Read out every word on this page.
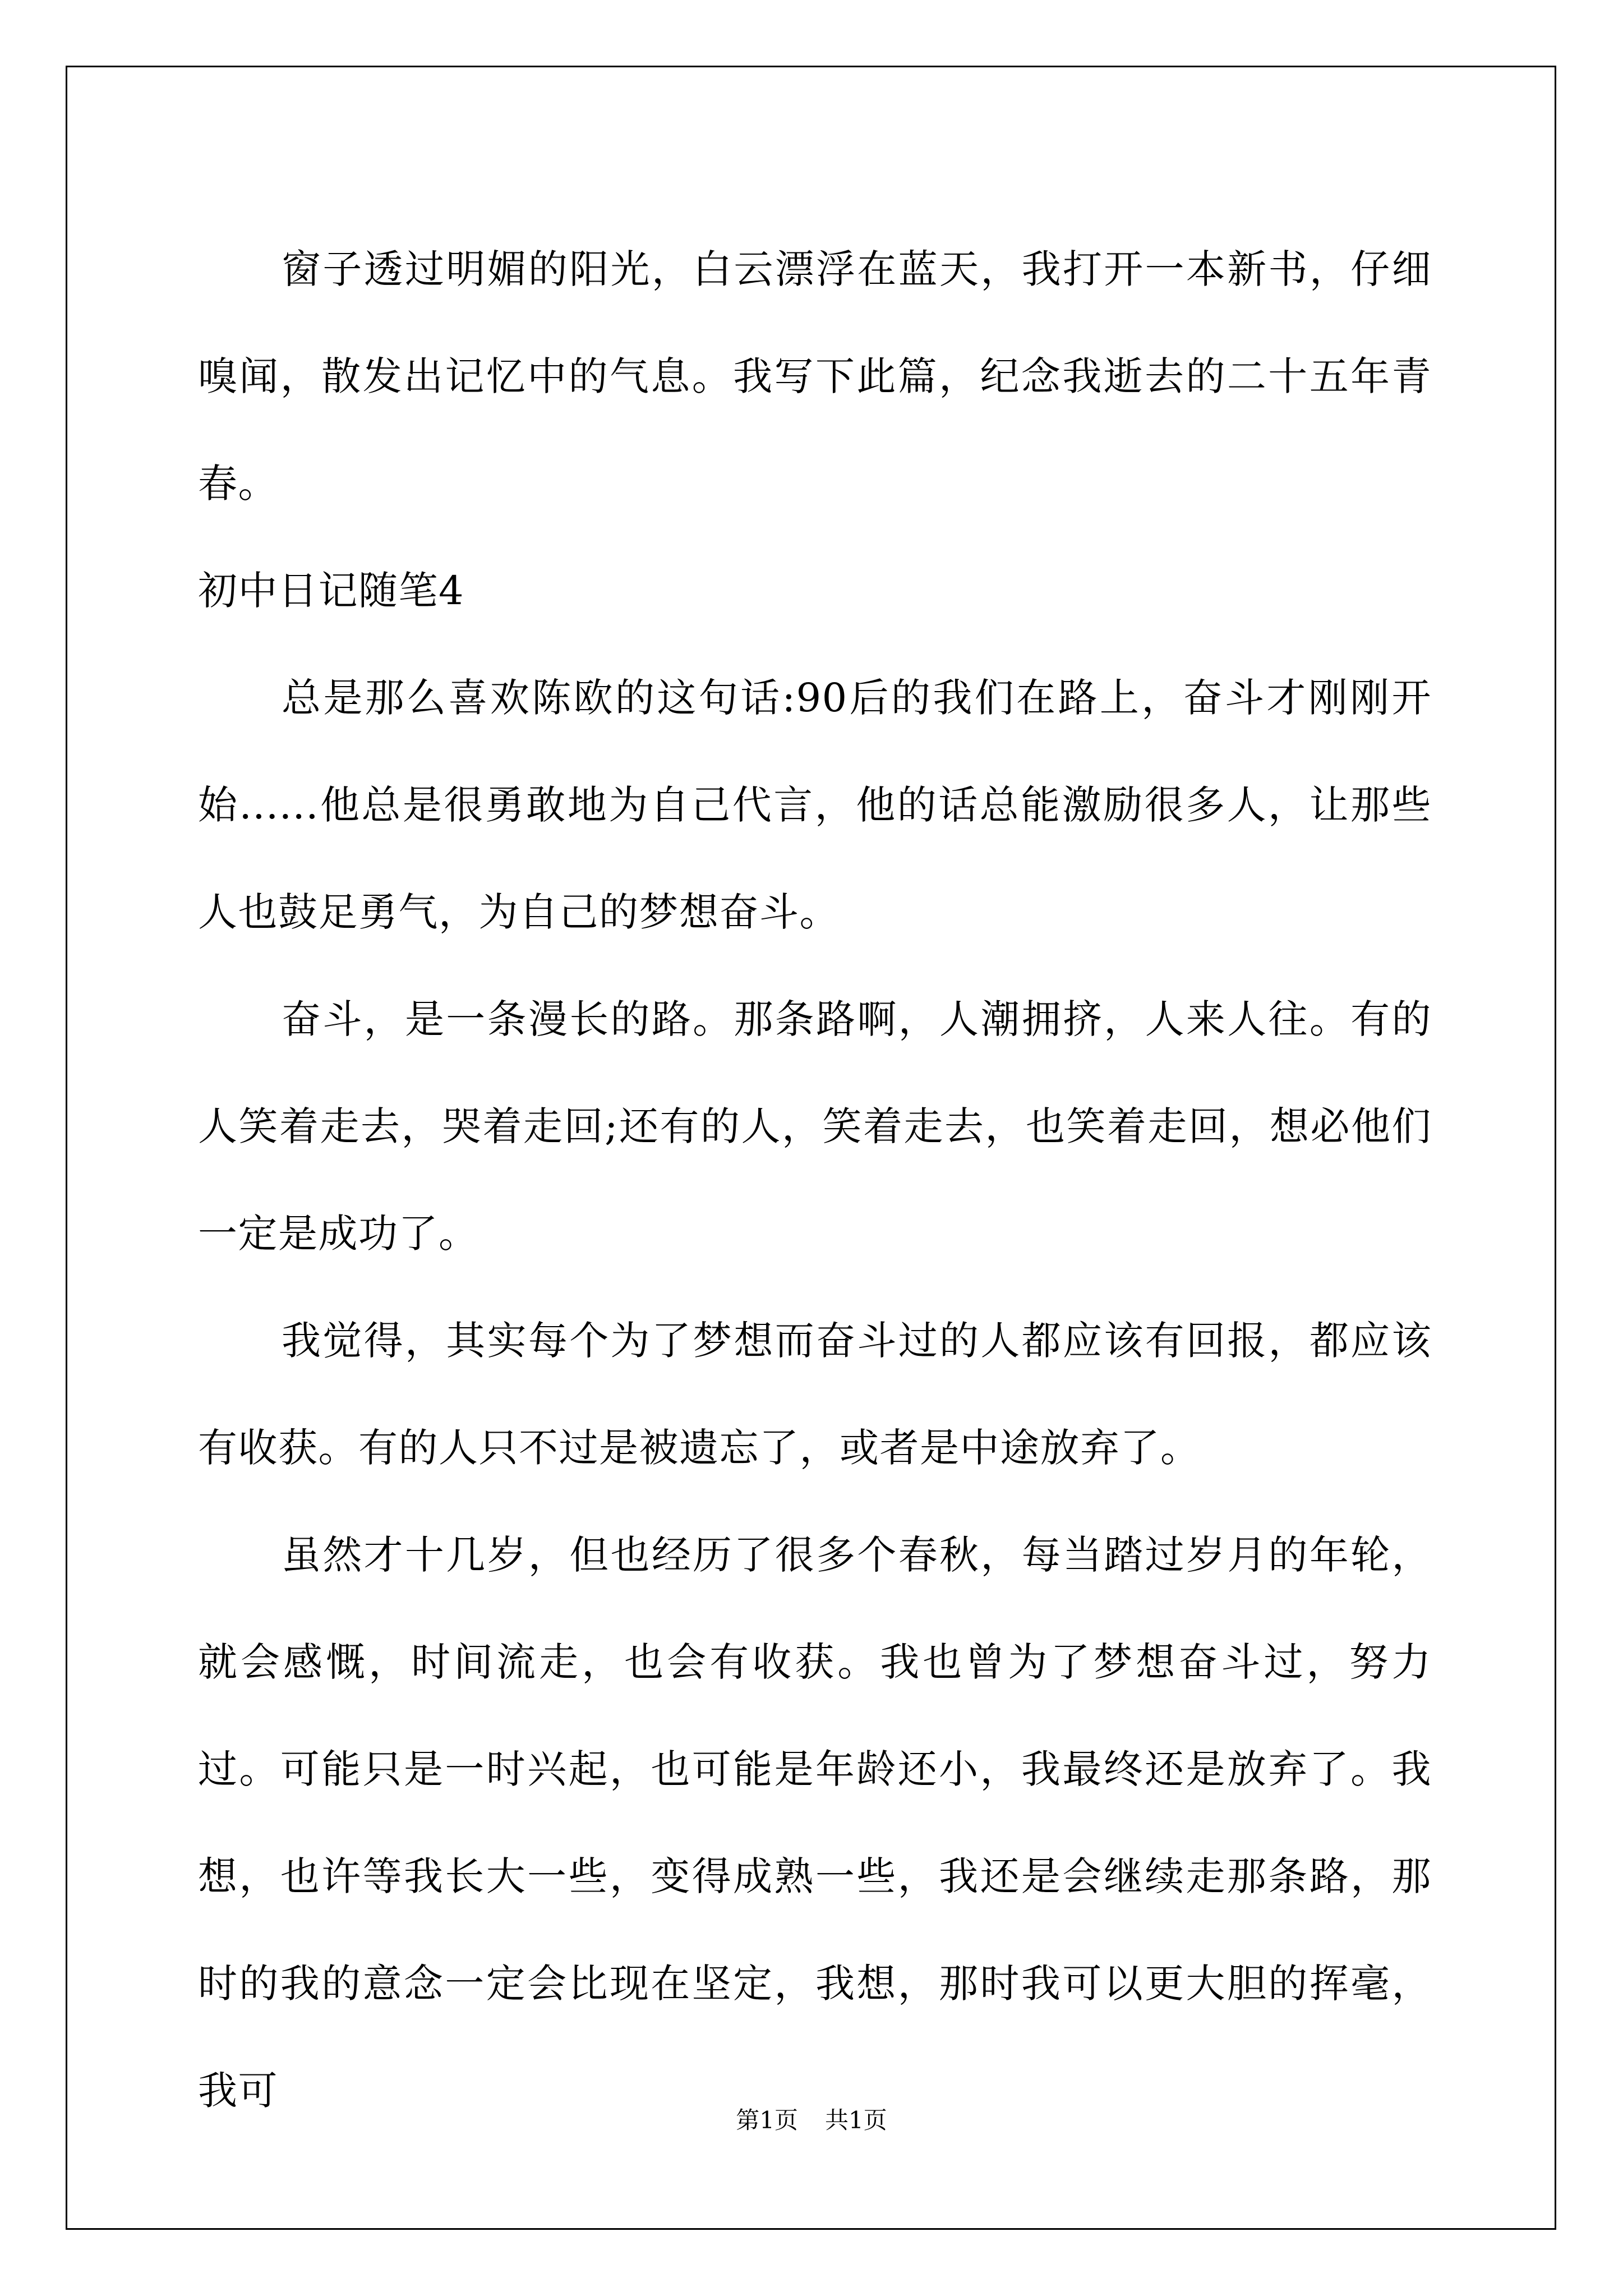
窗子透过明媚的阳光，白云漂浮在蓝天，我打开一本新书，仔细嗅闻，散发出记忆中的气息。我写下此篇，纪念我逝去的二十五年青春。

初中日记随笔4

总是那么喜欢陈欧的这句话:90后的我们在路上，奋斗才刚刚开始......他总是很勇敢地为自己代言，他的话总能激励很多人，让那些人也鼓足勇气，为自己的梦想奋斗。

奋斗，是一条漫长的路。那条路啊，人潮拥挤，人来人往。有的人笑着走去，哭着走回;还有的人，笑着走去，也笑着走回，想必他们一定是成功了。

我觉得，其实每个为了梦想而奋斗过的人都应该有回报，都应该有收获。有的人只不过是被遗忘了，或者是中途放弃了。

虽然才十几岁，但也经历了很多个春秋，每当踏过岁月的年轮，就会感慨，时间流走，也会有收获。我也曾为了梦想奋斗过，努力过。可能只是一时兴起，也可能是年龄还小，我最终还是放弃了。我想，也许等我长大一些，变得成熟一些，我还是会继续走那条路，那时的我的意念一定会比现在坚定，我想，那时我可以更大胆的挥毫，我可

第1页 共1页
